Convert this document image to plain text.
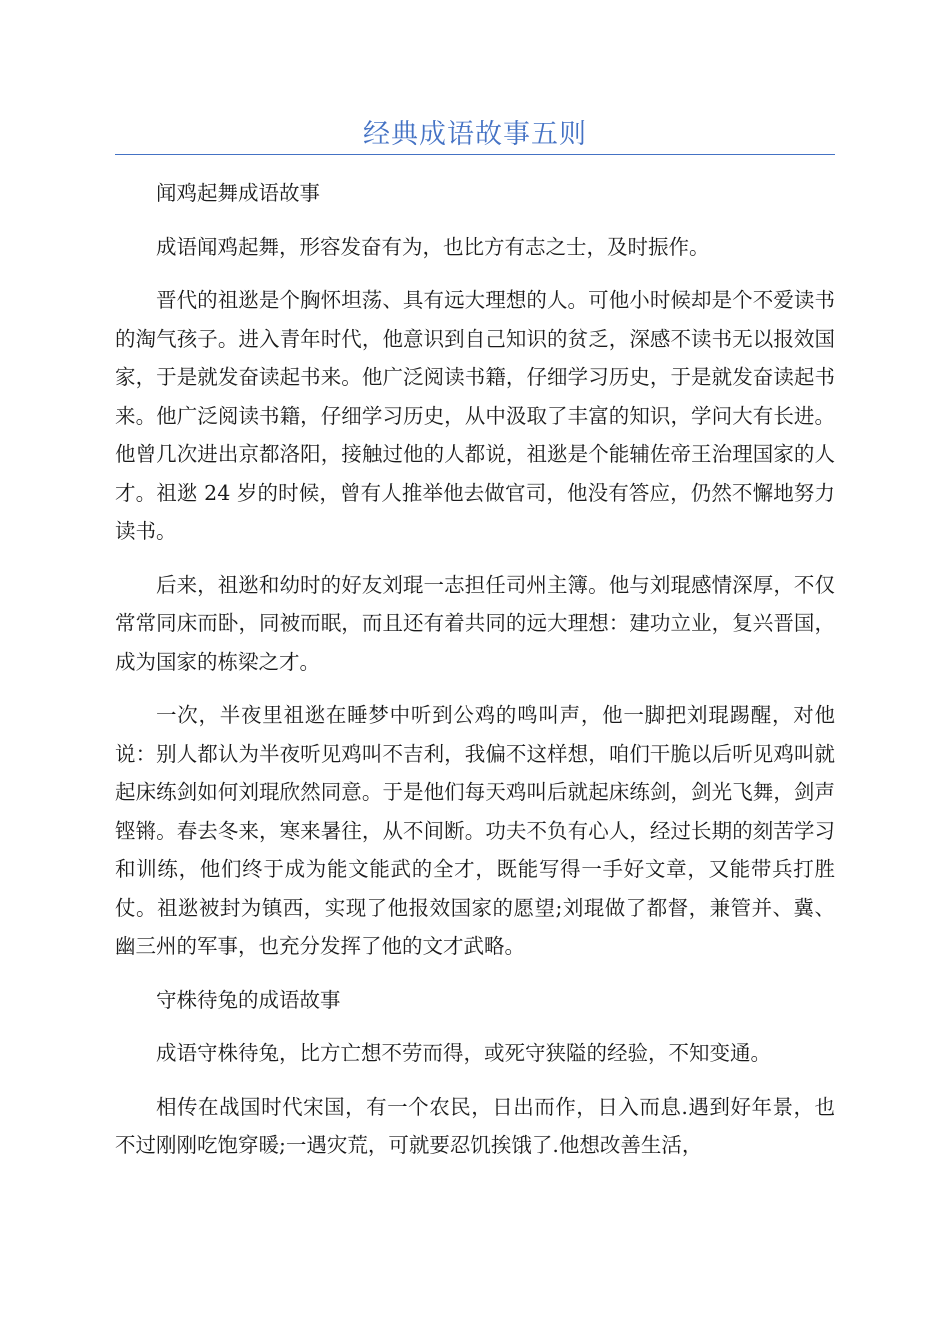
经典成语故事五则

闻鸡起舞成语故事

成语闻鸡起舞，形容发奋有为，也比方有志之士，及时振作。

晋代的祖逖是个胸怀坦荡、具有远大理想的人。可他小时候却是个不爱读书的淘气孩子。进入青年时代，他意识到自己知识的贫乏，深感不读书无以报效国家，于是就发奋读起书来。他广泛阅读书籍，仔细学习历史，于是就发奋读起书来。他广泛阅读书籍，仔细学习历史，从中汲取了丰富的知识，学问大有长进。他曾几次进出京都洛阳，接触过他的人都说，祖逖是个能辅佐帝王治理国家的人才。祖逖 24 岁的时候，曾有人推举他去做官司，他没有答应，仍然不懈地努力读书。

后来，祖逖和幼时的好友刘琨一志担任司州主簿。他与刘琨感情深厚，不仅常常同床而卧，同被而眠，而且还有着共同的远大理想：建功立业，复兴晋国，成为国家的栋梁之才。

一次，半夜里祖逖在睡梦中听到公鸡的鸣叫声，他一脚把刘琨踢醒，对他说：别人都认为半夜听见鸡叫不吉利，我偏不这样想，咱们干脆以后听见鸡叫就起床练剑如何刘琨欣然同意。于是他们每天鸡叫后就起床练剑，剑光飞舞，剑声铿锵。春去冬来，寒来暑往，从不间断。功夫不负有心人，经过长期的刻苦学习和训练，他们终于成为能文能武的全才，既能写得一手好文章，又能带兵打胜仗。祖逖被封为镇西，实现了他报效国家的愿望;刘琨做了都督，兼管并、冀、幽三州的军事，也充分发挥了他的文才武略。

守株待兔的成语故事

成语守株待兔，比方亡想不劳而得，或死守狭隘的经验，不知变通。

相传在战国时代宋国，有一个农民，日出而作，日入而息.遇到好年景，也不过刚刚吃饱穿暖;一遇灾荒，可就要忍饥挨饿了.他想改善生活，
